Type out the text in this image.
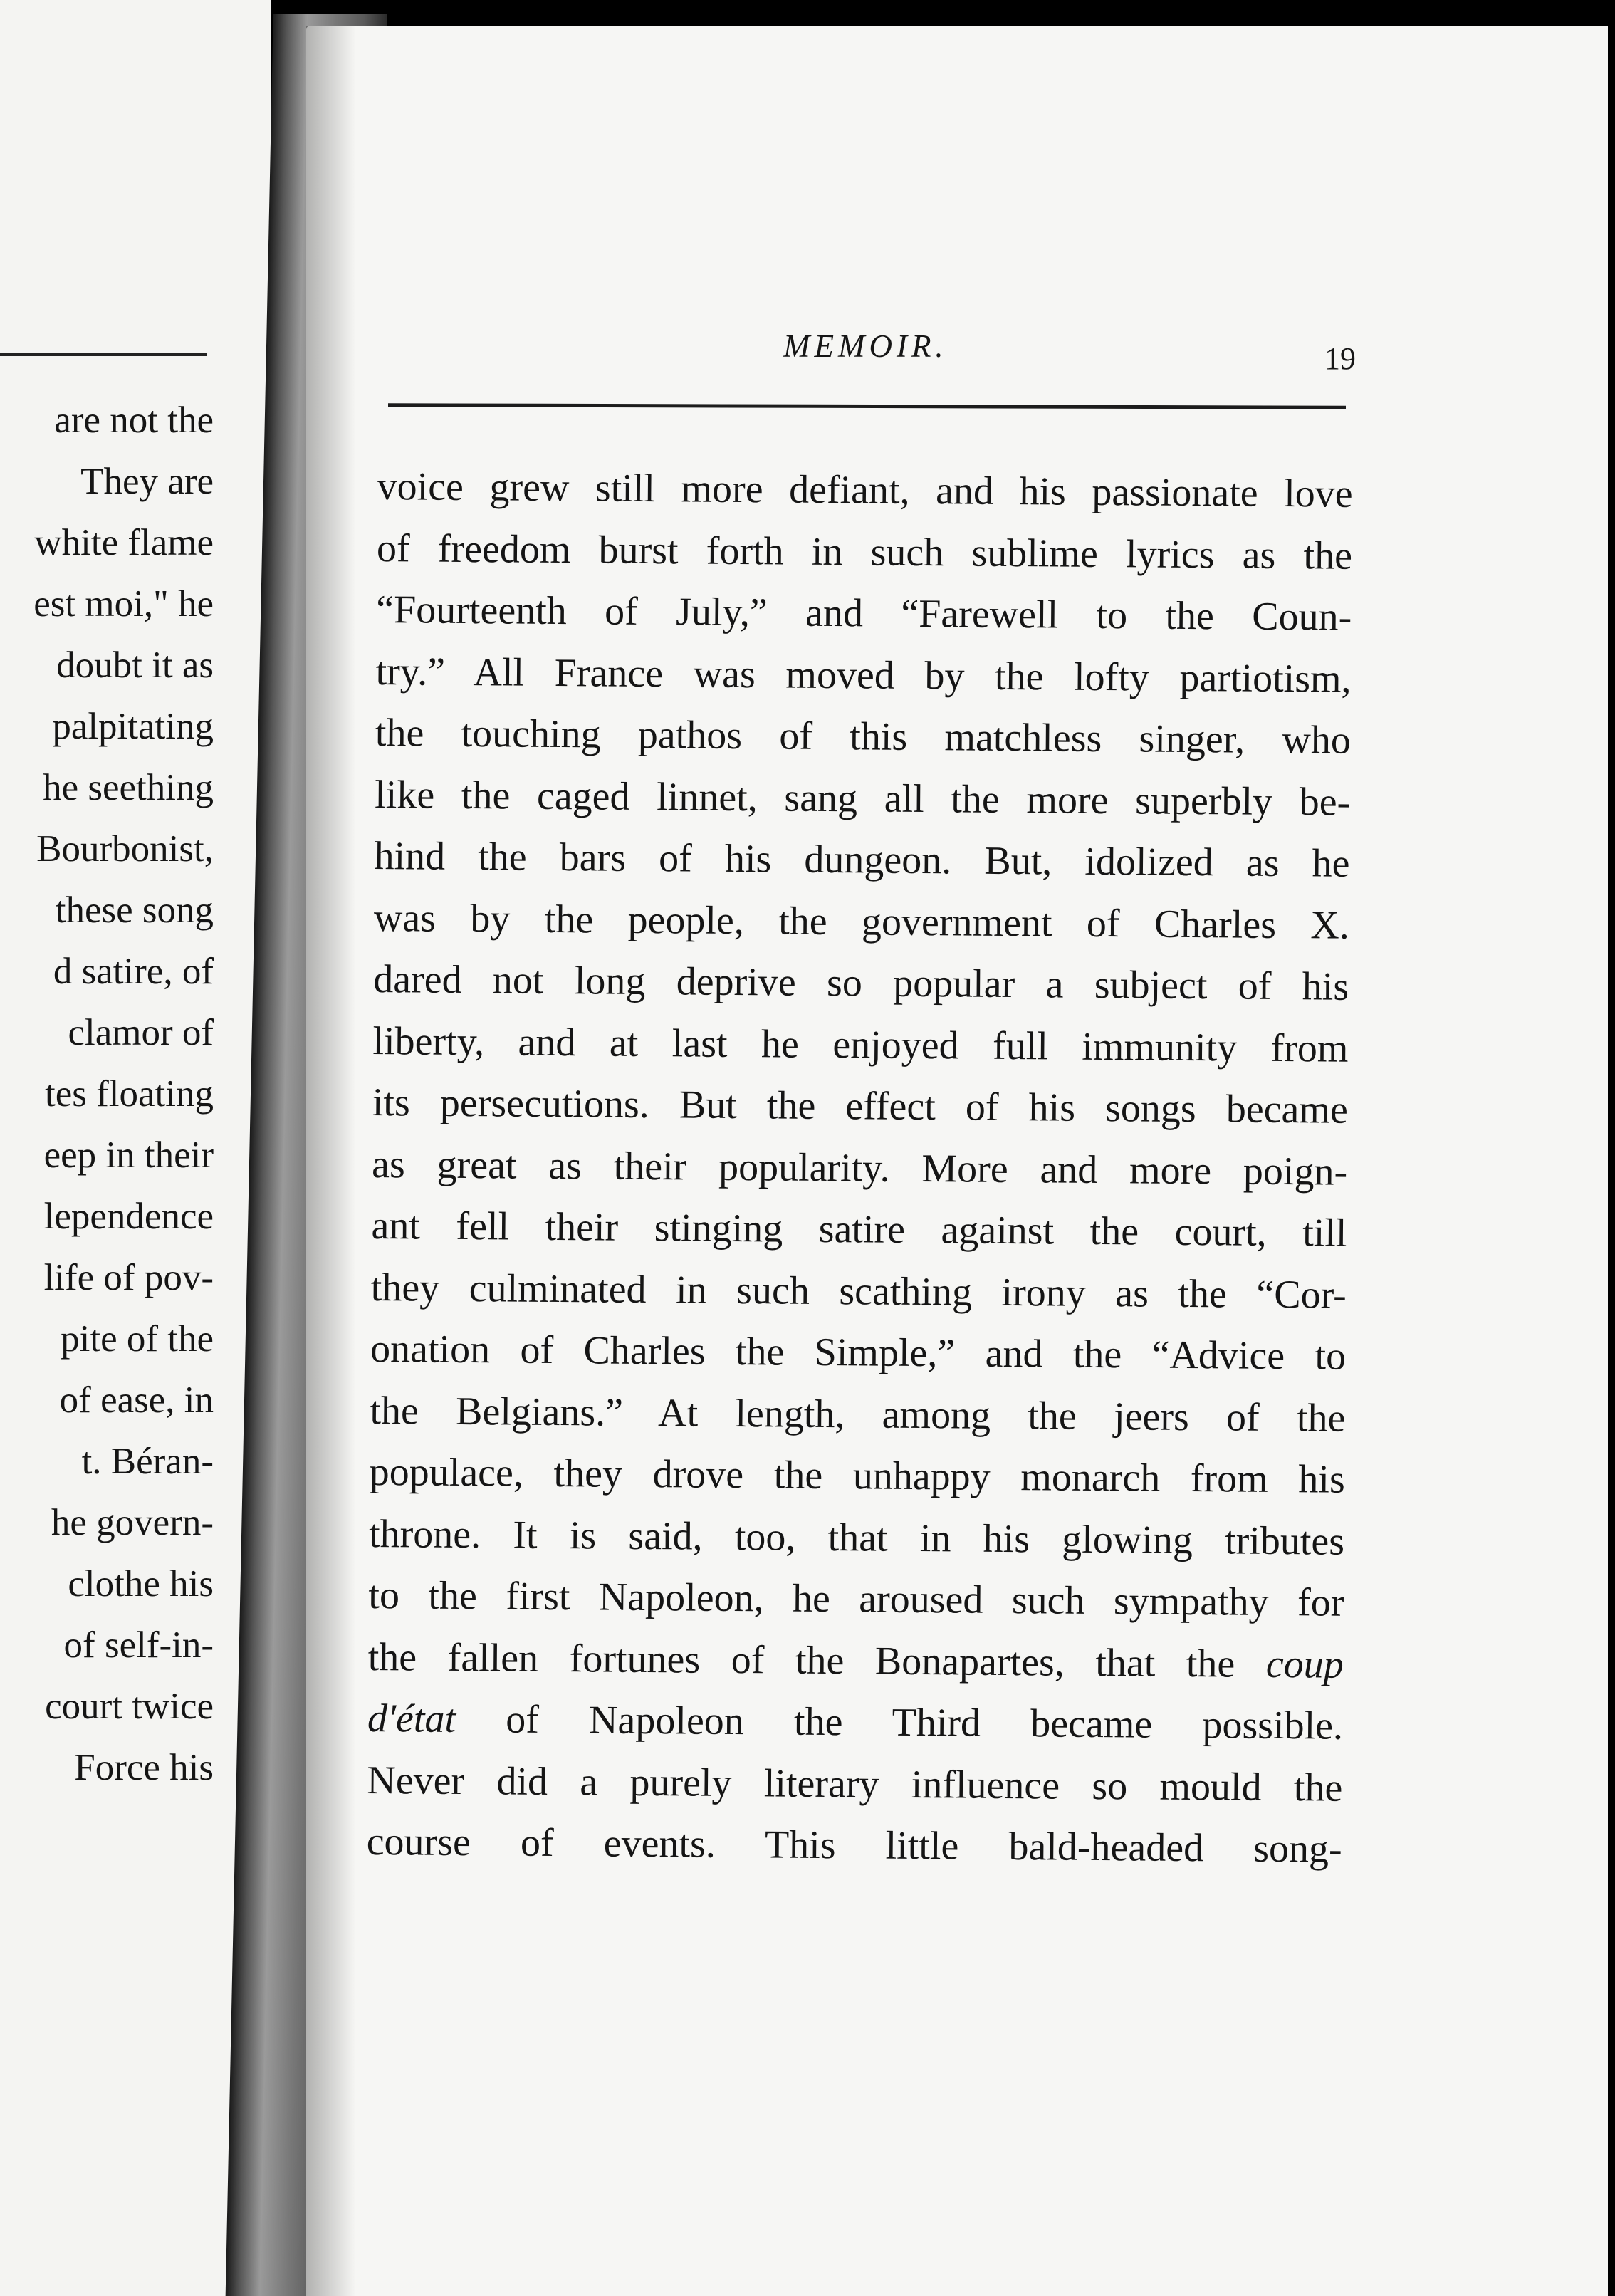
are not the

They are

white flame

est moi," he

doubt it as

palpitating

he seething

Bourbonist,

these song

d satire, of

clamor of

tes floating

eep in their

lependence

life of pov-

pite of the

of ease, in

t. Béran-

he govern-

clothe his

of self-in-

court twice

Force his

MEMOIR.	19

voice grew still more defiant, and his passionate love

of freedom burst forth in such sublime lyrics as the

“Fourteenth of July,” and “Farewell to the Coun-

try.” All France was moved by the lofty partiotism,

the touching pathos of this matchless singer, who

like the caged linnet, sang all the more superbly be-

hind the bars of his dungeon. But, idolized as he

was by the people, the government of Charles X.

dared not long deprive so popular a subject of his

liberty, and at last he enjoyed full immunity from

its persecutions. But the effect of his songs became

as great as their popularity. More and more poign-

ant fell their stinging satire against the court, till

they culminated in such scathing irony as the “Cor-

onation of Charles the Simple,” and the “Advice to

the Belgians.” At length, among the jeers of the

populace, they drove the unhappy monarch from his

throne. It is said, too, that in his glowing tributes

to the first Napoleon, he aroused such sympathy for

the fallen fortunes of the Bonapartes, that the coup

d'état of Napoleon the Third became possible.

Never did a purely literary influence so mould the

course of events. This little bald-headed song-
